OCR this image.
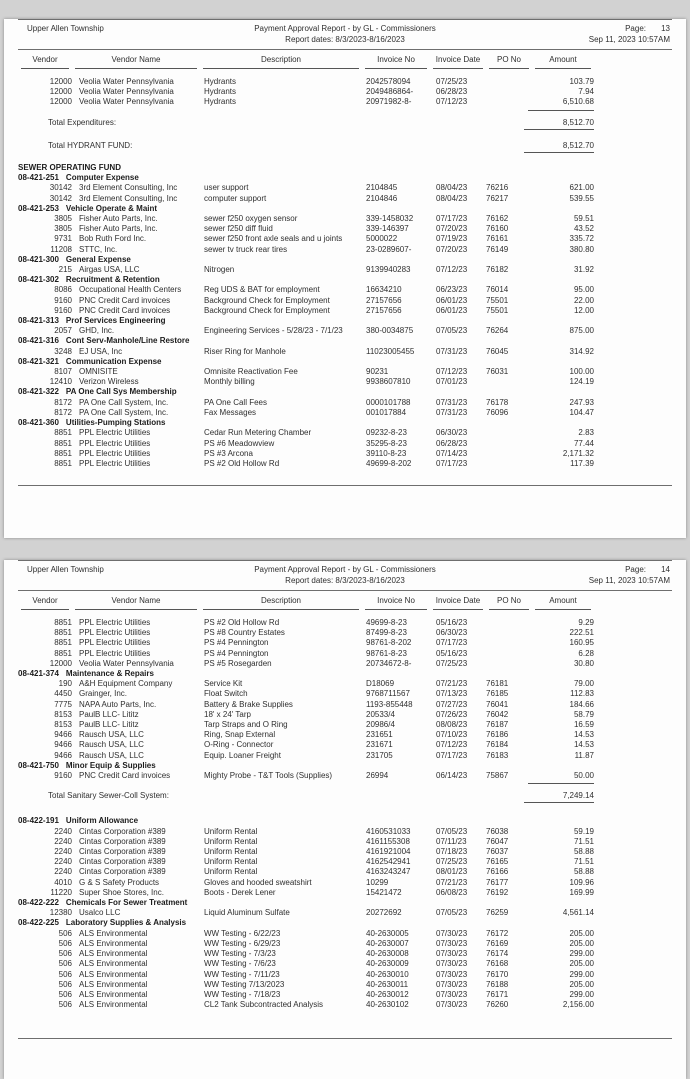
Upper Allen Township	Payment Approval Report - by GL - Commissioners
Report dates: 8/3/2023-8/16/2023
Page: 13
Sep 11, 2023 10:57AM
Vendor	Vendor Name	Description	Invoice No	Invoice Date	PO No	Amount
12000 Veolia Water Pennsylvania	Hydrants	2042578094	07/25/23	103.79
12000 Veolia Water Pennsylvania	Hydrants	2049486864-	06/28/23	7.94
12000 Veolia Water Pennsylvania	Hydrants	20971982-8-	07/12/23	6,510.68
Total Expenditures:	8,512.70
Total HYDRANT FUND:	8,512.70
SEWER OPERATING FUND
08-421-251 Computer Expense
30142 3rd Element Consulting, Inc	user support	2104845	08/04/23	76216	621.00
30142 3rd Element Consulting, Inc	computer support	2104846	08/04/23	76217	539.55
08-421-253 Vehicle Operate & Maint
3805 Fisher Auto Parts, Inc.	sewer f250 oxygen sensor	339-1458032	07/17/23	76162	59.51
3805 Fisher Auto Parts, Inc.	sewer f250 diff fluid	339-146397	07/20/23	76160	43.52
9731 Bob Ruth Ford Inc.	sewer f250 front axle seals and u joints	5000022	07/19/23	76161	335.72
11208 STTC, Inc.	sewer tv truck rear tires	23-0289607-	07/20/23	76149	380.80
08-421-300 General Expense
215 Airgas USA, LLC	Nitrogen	9139940283	07/12/23	76182	31.92
08-421-302 Recruitment & Retention
8086 Occupational Health Centers	Reg UDS & BAT for employment	16634210	06/23/23	76014	95.00
9160 PNC Credit Card invoices	Background Check for Employment	27157656	06/01/23	75501	22.00
9160 PNC Credit Card invoices	Background Check for Employment	27157656	06/01/23	75501	12.00
08-421-313 Prof Services Engineering
2057 GHD, Inc.	Engineering Services - 5/28/23 - 7/1/23	380-0034875	07/05/23	76264	875.00
08-421-316 Cont Serv-Manhole/Line Restore
3248 EJ USA, Inc	Riser Ring for Manhole	11023005455	07/31/23	76045	314.92
08-421-321 Communication Expense
8107 OMNISITE	Omnisite Reactivation Fee	90231	07/12/23	76031	100.00
12410 Verizon Wireless	Monthly billing	9938607810	07/01/23	124.19
08-421-322 PA One Call Sys Membership
8172 PA One Call System, Inc.	PA One Call Fees	0000101788	07/31/23	76178	247.93
8172 PA One Call System, Inc.	Fax Messages	001017884	07/31/23	76096	104.47
08-421-360 Utilities-Pumping Stations
8851 PPL Electric Utilities	Cedar Run Metering Chamber	09232-8-23	06/30/23	2.83
8851 PPL Electric Utilities	PS #6 Meadowview	35295-8-23	06/28/23	77.44
8851 PPL Electric Utilities	PS #3 Arcona	39110-8-23	07/14/23	2,171.32
8851 PPL Electric Utilities	PS #2 Old Hollow Rd	49699-8-202	07/17/23	117.39
Upper Allen Township	Payment Approval Report - by GL - Commissioners
Report dates: 8/3/2023-8/16/2023
Page: 14
Sep 11, 2023 10:57AM
Vendor	Vendor Name	Description	Invoice No	Invoice Date	PO No	Amount
8851 PPL Electric Utilities	PS #2 Old Hollow Rd	49699-8-23	05/16/23	9.29
8851 PPL Electric Utilities	PS #8 Country Estates	87499-8-23	06/30/23	222.51
8851 PPL Electric Utilities	PS #4 Pennington	98761-8-202	07/17/23	160.95
8851 PPL Electric Utilities	PS #4 Pennington	98761-8-23	05/16/23	6.28
12000 Veolia Water Pennsylvania	PS #5 Rosegarden	20734672-8-	07/25/23	30.80
08-421-374 Maintenance & Repairs
190 A&H Equipment Company	Service Kit	D18069	07/21/23	76181	79.00
4450 Grainger, Inc.	Float Switch	9768711567	07/13/23	76185	112.83
7775 NAPA Auto Parts, Inc.	Battery & Brake Supplies	1193-855448	07/27/23	76041	184.66
8153 PaulB LLC- Lititz	18' x 24' Tarp	20533/4	07/26/23	76042	58.79
8153 PaulB LLC- Lititz	Tarp Straps and O Ring	20986/4	08/08/23	76187	16.59
9466 Rausch USA, LLC	Ring, Snap External	231651	07/10/23	76186	14.53
9466 Rausch USA, LLC	O-Ring - Connector	231671	07/12/23	76184	14.53
9466 Rausch USA, LLC	Equip. Loaner Freight	231705	07/17/23	76183	11.87
08-421-750 Minor Equip & Supplies
9160 PNC Credit Card invoices	Mighty Probe - T&T Tools (Supplies)	26994	06/14/23	75867	50.00
Total Sanitary Sewer-Coll System:	7,249.14
08-422-191 Uniform Allowance
2240 Cintas Corporation #389	Uniform Rental	4160531033	07/05/23	76038	59.19
2240 Cintas Corporation #389	Uniform Rental	4161155308	07/11/23	76047	71.51
2240 Cintas Corporation #389	Uniform Rental	4161921004	07/18/23	76037	58.88
2240 Cintas Corporation #389	Uniform Rental	4162542941	07/25/23	76165	71.51
2240 Cintas Corporation #389	Uniform Rental	4163243247	08/01/23	76166	58.88
4010 G & S Safety Products	Gloves and hooded sweatshirt	10299	07/21/23	76177	109.96
11220 Super Shoe Stores, Inc.	Boots - Derek Lener	15421472	06/08/23	76192	169.99
08-422-222 Chemicals For Sewer Treatment
12380 Usalco LLC	Liquid Aluminum Sulfate	20272692	07/05/23	76259	4,561.14
08-422-225 Laboratory Supplies & Analysis
506 ALS Environmental	WW Testing - 6/22/23	40-2630005	07/30/23	76172	205.00
506 ALS Environmental	WW Testing - 6/29/23	40-2630007	07/30/23	76169	205.00
506 ALS Environmental	WW Testing - 7/3/23	40-2630008	07/30/23	76174	299.00
506 ALS Environmental	WW Testing - 7/6/23	40-2630009	07/30/23	76168	205.00
506 ALS Environmental	WW Testing - 7/11/23	40-2630010	07/30/23	76170	299.00
506 ALS Environmental	WW Testing 7/13/2023	40-2630011	07/30/23	76188	205.00
506 ALS Environmental	WW Testing - 7/18/23	40-2630012	07/30/23	76171	299.00
506 ALS Environmental	CL2 Tank Subcontracted Analysis	40-2630102	07/30/23	76260	2,156.00
